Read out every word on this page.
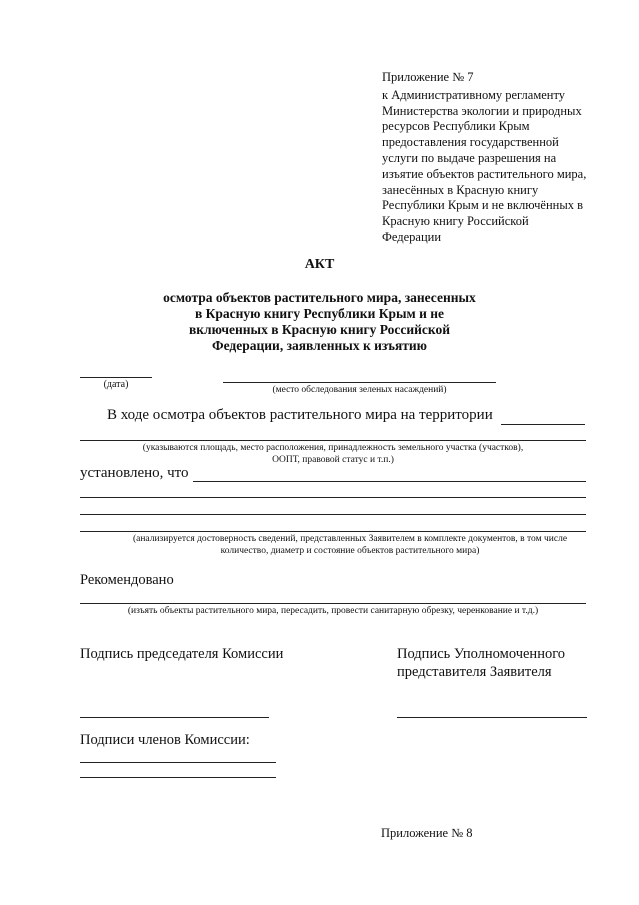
Приложение № 7
к Административному регламенту
Министерства экологии и природных
ресурсов Республики Крым
предоставления государственной
услуги по выдаче разрешения на
изъятие объектов растительного мира,
занесённых в Красную книгу
Республики Крым и не включённых в
Красную книгу Российской
Федерации
АКТ
осмотра объектов растительного мира, занесенных
в Красную книгу Республики Крым и не
включенных в Красную книгу Российской
Федерации, заявленных к изъятию
(дата)	(место обследования зеленых насаждений)
В ходе осмотра объектов растительного мира на территории
(указываются площадь, место расположения, принадлежность земельного участка (участков),
ООПТ, правовой статус и т.п.)
установлено, что
(анализируется достоверность сведений, представленных Заявителем в комплекте документов, в том числе
количество, диаметр и состояние объектов растительного мира)
Рекомендовано
(изъять объекты растительного мира, пересадить, провести санитарную обрезку, черенкование и т.д.)
Подпись председателя Комиссии	Подпись Уполномоченного
представителя Заявителя
Подписи членов Комиссии:
Приложение № 8
